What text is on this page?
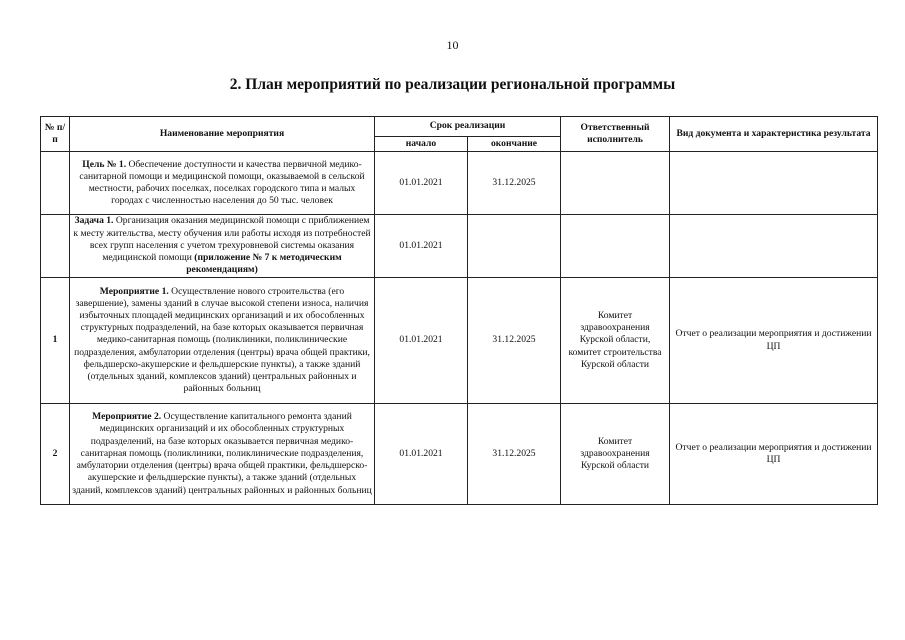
10
2. План мероприятий по реализации региональной программы
№ п/п	Наименование мероприятия	Срок реализации		Ответственный исполнитель	Вид документа и характеристика результата
		начало	окончание		
	Цель № 1. Обеспечение доступности и качества первичной медико-санитарной помощи и медицинской помощи, оказываемой в сельской местности, рабочих поселках, поселках городского типа и малых городах с численностью населения до 50 тыс. человек	01.01.2021	31.12.2025		
	Задача 1. Организация оказания медицинской помощи с приближением к месту жительства, месту обучения или работы исходя из потребностей всех групп населения с учетом трехуровневой системы оказания медицинской помощи (приложение № 7 к методическим рекомендациям)	01.01.2021			
1	Мероприятие 1. Осуществление нового строительства (его завершение), замены зданий в случае высокой степени износа, наличия избыточных площадей медицинских организаций и их обособленных структурных подразделений, на базе которых оказывается первичная медико-санитарная помощь (поликлиники, поликлинические подразделения, амбулатории отделения (центры) врача общей практики, фельдшерско-акушерские и фельдшерские пункты), а также зданий (отдельных зданий, комплексов зданий) центральных районных и районных больниц	01.01.2021	31.12.2025	Комитет здравоохранения Курской области, комитет строительства Курской области	Отчет о реализации мероприятия и достижении ЦП
2	Мероприятие 2. Осуществление капитального ремонта зданий медицинских организаций и их обособленных структурных подразделений, на базе которых оказывается первичная медико-санитарная помощь (поликлиники, поликлинические подразделения, амбулатории отделения (центры) врача общей практики, фельдшерско-акушерские и фельдшерские пункты), а также зданий (отдельных зданий, комплексов зданий) центральных районных и районных больниц	01.01.2021	31.12.2025	Комитет здравоохранения Курской области	Отчет о реализации мероприятия и достижении ЦП
